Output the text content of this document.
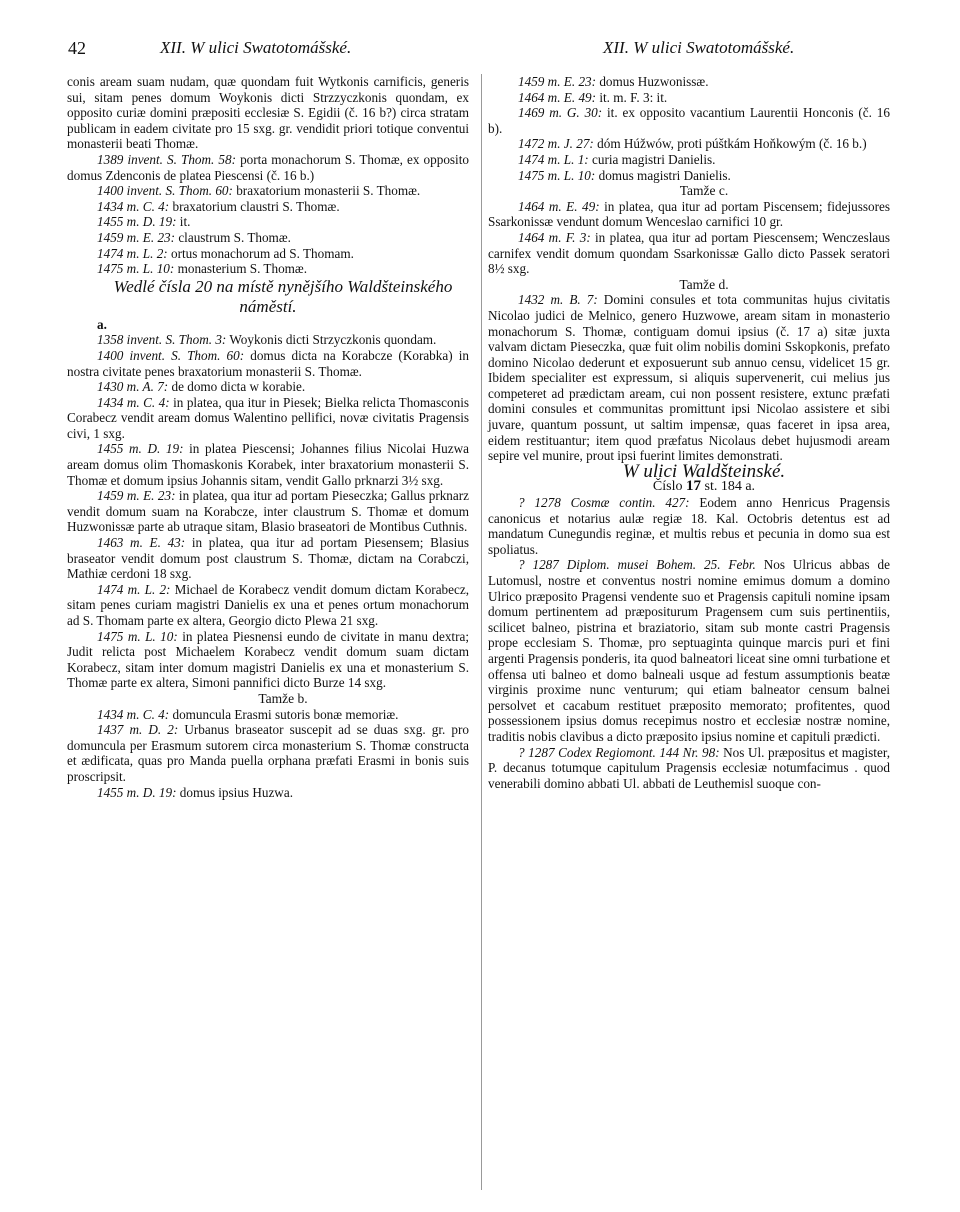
42	XII. W ulici Swatotomášské.	XII. W ulici Swatotomášské.

conis aream suam nudam, quæ quondam fuit Wytkonis carnificis, generis sui, sitam penes domum Woykonis dicti Strzzyczkonis quondam, ex opposito curiæ domini præpositi ecclesiæ S. Egidii (č. 16 b?) circa stratam publicam in eadem civitate pro 15 sxg. gr. vendidit priori totique conventui monasterii beati Thomæ.

1389 invent. S. Thom. 58: porta monachorum S. Thomæ, ex opposito domus Zdenconis de platea Piescensi (č. 16 b.)

1400 invent. S. Thom. 60: braxatorium monasterii S. Thomæ.

1434 m. C. 4: braxatorium claustri S. Thomæ.

1455 m. D. 19: it.

1459 m. E. 23: claustrum S. Thomæ.

1474 m. L. 2: ortus monachorum ad S. Thomam.

1475 m. L. 10: monasterium S. Thomæ.

Wedlé čísla 20 na místě nynějšího Waldšteinského náměstí.

a.

1358 invent. S. Thom. 3: Woykonis dicti Strzyczkonis quondam.

1400 invent. S. Thom. 60: domus dicta na Korabcze (Korabka) in nostra civitate penes braxatorium monasterii S. Thomæ.

1430 m. A. 7: de domo dicta w korabie.

1434 m. C. 4: in platea, qua itur in Piesek; Bielka relicta Thomasconis Corabecz vendit aream domus Walentino pellifici, novæ civitatis Pragensis civi, 1 sxg.

1455 m. D. 19: in platea Piescensi; Johannes filius Nicolai Huzwa aream domus olim Thomaskonis Korabek, inter braxatorium monasterii S. Thomæ et domum ipsius Johannis sitam, vendit Gallo prknarzi 3½ sxg.

1459 m. E. 23: in platea, qua itur ad portam Pieseczka; Gallus prknarz vendit domum suam na Korabcze, inter claustrum S. Thomæ et domum Huzwonissæ parte ab utraque sitam, Blasio braseatori de Montibus Cuthnis.

1463 m. E. 43: in platea, qua itur ad portam Piesensem; Blasius braseator vendit domum post claustrum S. Thomæ, dictam na Corabczi, Mathiæ cerdoni 18 sxg.

1474 m. L. 2: Michael de Korabecz vendit domum dictam Korabecz, sitam penes curiam magistri Danielis ex una et penes ortum monachorum ad S. Thomam parte ex altera, Georgio dicto Plewa 21 sxg.

1475 m. L. 10: in platea Piesnensi eundo de civitate in manu dextra; Judit relicta post Michaelem Korabecz vendit domum suam dictam Korabecz, sitam inter domum magistri Danielis ex una et monasterium S. Thomæ parte ex altera, Simoni pannifici dicto Burze 14 sxg.

Tamže b.

1434 m. C. 4: domuncula Erasmi sutoris bonæ memoriæ.

1437 m. D. 2: Urbanus braseator suscepit ad se duas sxg. gr. pro domuncula per Erasmum sutorem circa monasterium S. Thomæ constructa et ædificata, quas pro Manda puella orphana præfati Erasmi in bonis suis proscripsit.

1455 m. D. 19: domus ipsius Huzwa.

1459 m. E. 23: domus Huzwonissæ.

1464 m. E. 49: it. m. F. 3: it.

1469 m. G. 30: it. ex opposito vacantium Laurentii Honconis (č. 16 b).

1472 m. J. 27: dóm Húžwów, proti púštkám Hoňkowým (č. 16 b.)

1474 m. L. 1: curia magistri Danielis.

1475 m. L. 10: domus magistri Danielis.

Tamže c.

1464 m. E. 49: in platea, qua itur ad portam Piscensem; fidejussores Ssarkonissæ vendunt domum Wenceslao carnifici 10 gr.

1464 m. F. 3: in platea, qua itur ad portam Piescensem; Wenczeslaus carnifex vendit domum quondam Ssarkonissæ Gallo dicto Passek seratori 8½ sxg.

Tamže d.

1432 m. B. 7: Domini consules et tota communitas hujus civitatis Nicolao judici de Melnico, genero Huzwowe, aream sitam in monasterio monachorum S. Thomæ, contiguam domui ipsius (č. 17 a) sitæ juxta valvam dictam Pieseczka, quæ fuit olim nobilis domini Sskopkonis, prefato domino Nicolao dederunt et exposuerunt sub annuo censu, videlicet 15 gr. Ibidem specialiter est expressum, si aliquis supervenerit, cui melius jus competeret ad prædictam aream, cui non possent resistere, extunc præfati domini consules et communitas promittunt ipsi Nicolao assistere et sibi juvare, quantum possunt, ut saltim impensæ, quas faceret in ipsa area, eidem restituantur; item quod præfatus Nicolaus debet hujusmodi aream sepire vel munire, prout ipsi fuerint limites demonstrati.

W ulici Waldšteinské.

Číslo 17 st. 184 a.

? 1278 Cosmæ contin. 427: Eodem anno Henricus Pragensis canonicus et notarius aulæ regiæ 18. Kal. Octobris detentus est ad mandatum Cunegundis reginæ, et multis rebus et pecunia in domo sua est spoliatus.

? 1287 Diplom. musei Bohem. 25. Febr. Nos Ulricus abbas de Lutomusl, nostre et conventus nostri nomine emimus domum a domino Ulrico præposito Pragensi vendente suo et Pragensis capituli nomine ipsam domum pertinentem ad præpositurum Pragensem cum suis pertinentiis, scilicet balneo, pistrina et braziatorio, sitam sub monte castri Pragensis prope ecclesiam S. Thomæ, pro septuaginta quinque marcis puri et fini argenti Pragensis ponderis, ita quod balneatori liceat sine omni turbatione et offensa uti balneo et domo balneali usque ad festum assumptionis beatæ virginis proxime nunc venturum; qui etiam balneator censum balnei persolvet et cacabum restituet præposito memorato; profitentes, quod possessionem ipsius domus recepimus nostro et ecclesiæ nostræ nomine, traditis nobis clavibus a dicto præposito ipsius nomine et capituli prædicti.

? 1287 Codex Regiomont. 144 Nr. 98: Nos Ul. præpositus et magister, P. decanus totumque capitulum Pragensis ecclesiæ notumfacimus . quod venerabili domino abbati Ul. abbati de Leuthemisl suoque con-
